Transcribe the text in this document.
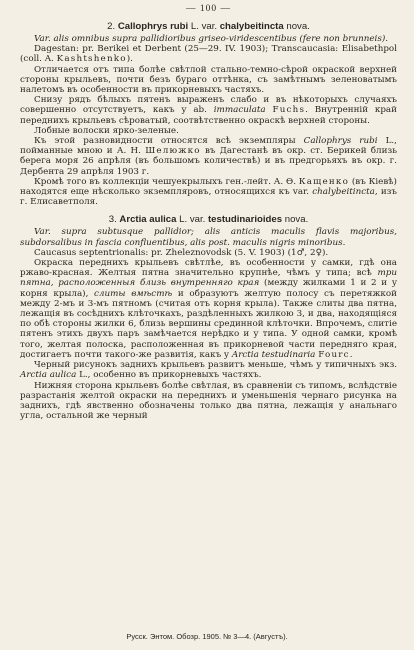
— 100 —
2. Callophrys rubi L. var. chalybeitincta nova.

Var. alis omnibus supra pallidioribus griseo-viridescentibus (fere non brunneis).

Dagestan: pr. Berikei et Derbent (25—29. IV. 1903); Transcaucasia: Elisabethpol (coll. A. Kashtshenko).

Отличается отъ типа болѣе свѣтлой стально-темно-сѣрой окраской верхней стороны крыльевъ, почти безъ бураго оттѣнка, съ замѣтнымъ зеленоватымъ налетомъ въ особенности въ прикорневыхъ частяхъ.

Снизу рядъ бѣлыхъ пятенъ выраженъ слабо и въ нѣкоторыхъ случаяхъ совершенно отсутствуетъ, какъ у ab. immaculata Fuchs. Внутренній край переднихъ крыльевъ сѣроватый, соотвѣтственно окраскѣ верхней стороны.

Лобные волоски ярко-зеленые.

Къ этой разновидности относятся всѣ экземпляры Callophrys rubi L., пойманные мною и А. Н. Шелюжко въ Дагестанѣ въ окр. ст. Берикей близь берега моря 26 апрѣля (въ большомъ количествѣ) и въ предгорьяхъ въ окр. г. Дербента 29 апрѣля 1903 г.

Кромѣ того въ коллекціи чешуекрылыхъ ген.-лейт. А. Ө. Кащенко (въ Кіевѣ) находятся еще нѣсколько экземпляровъ, относящихся къ var. chalybeitincta, изъ г. Елисаветполя.

3. Arctia aulica L. var. testudinarioides nova.

Var. supra subtusque pallidior; alis anticis maculis flavis majoribus, subdorsalibus in fascia confluentibus, alis post. maculis nigris minoribus.

Caucasus septentrionalis: pr. Zheleznovodsk (5. V. 1903) (1♂, 2♀).

Окраска переднихъ крыльевъ свѣтлѣе, въ особенности у самки, гдѣ она ржаво-красная. Желтыя пятна значительно крупнѣе, чѣмъ у типа; всѣ три пятна, расположенныя близь внутренняго края (между жилками 1 и 2 и у корня крыла), слиты вмѣстѣ и образуютъ желтую полосу съ перетяжкой между 2-мъ и 3-мъ пятномъ (считая отъ корня крыла). Также слиты два пятна, лежащія въ сосѣднихъ клѣточкахъ, раздѣленныхъ жилкою 3, и два, находящіяся по обѣ стороны жилки 6, близь вершины срединной клѣточки. Впрочемъ, слитіе пятенъ этихъ двухъ паръ замѣчается нерѣдко и у типа. У одной самки, кромѣ того, желтая полоска, расположенная въ прикорневой части передняго края, достигаетъ почти такого-же развитія, какъ у Arctia testudinaria Fourc.

Черный рисунокъ заднихъ крыльевъ развитъ меньше, чѣмъ у типичныхъ экз. Arctia aulica L., особенно въ прикорневыхъ частяхъ.

Нижняя сторона крыльевъ болѣе свѣтлая, въ сравненіи съ типомъ, вслѣдствіе разрастанія желтой окраски на переднихъ и уменьшенія чернаго рисунка на заднихъ, гдѣ явственно обозначены только два пятна, лежащія у анальнаго угла, остальной же черный

Русск. Энтом. Обозр. 1905. № 3—4. (Августъ).
